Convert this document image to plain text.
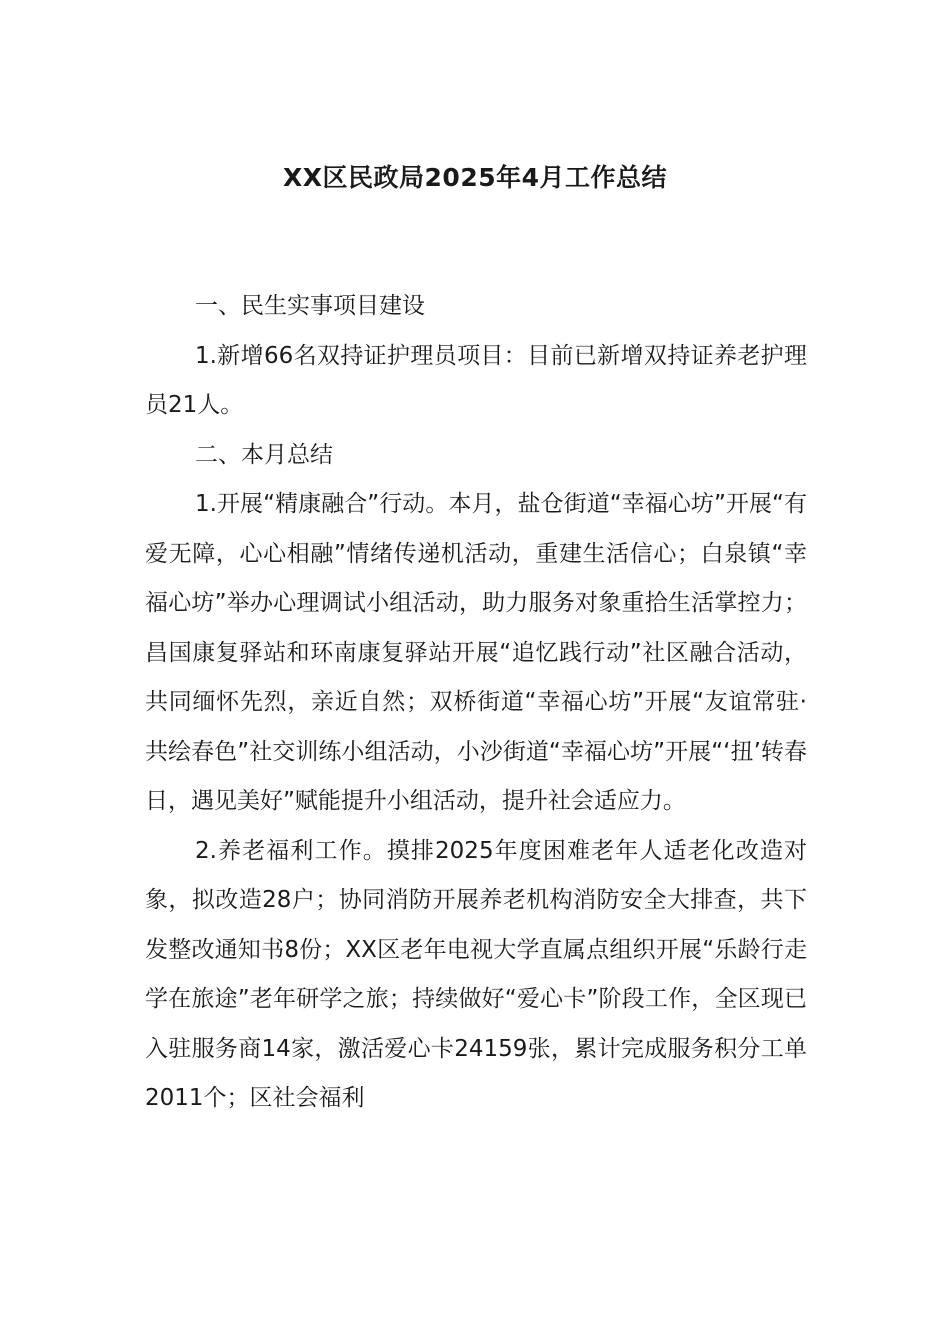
XX区民政局2025年4月工作总结

一、民生实事项目建设

1.新增66名双持证护理员项目：目前已新增双持证养老护理员21人。

二、本月总结

1.开展“精康融合”行动。本月，盐仓街道“幸福心坊”开展“有爱无障，心心相融”情绪传递机活动，重建生活信心；白泉镇“幸福心坊”举办心理调试小组活动，助力服务对象重拾生活掌控力；昌国康复驿站和环南康复驿站开展“追忆践行动”社区融合活动，共同缅怀先烈，亲近自然；双桥街道“幸福心坊”开展“友谊常驻·共绘春色”社交训练小组活动，小沙街道“幸福心坊”开展“‘扭’转春日，遇见美好”赋能提升小组活动，提升社会适应力。

2.养老福利工作。摸排2025年度困难老年人适老化改造对象，拟改造28户；协同消防开展养老机构消防安全大排查，共下发整改通知书8份；XX区老年电视大学直属点组织开展“乐龄行走学在旅途”老年研学之旅；持续做好“爱心卡”阶段工作，全区现已入驻服务商14家，激活爱心卡24159张，累计完成服务积分工单2011个；区社会福利
